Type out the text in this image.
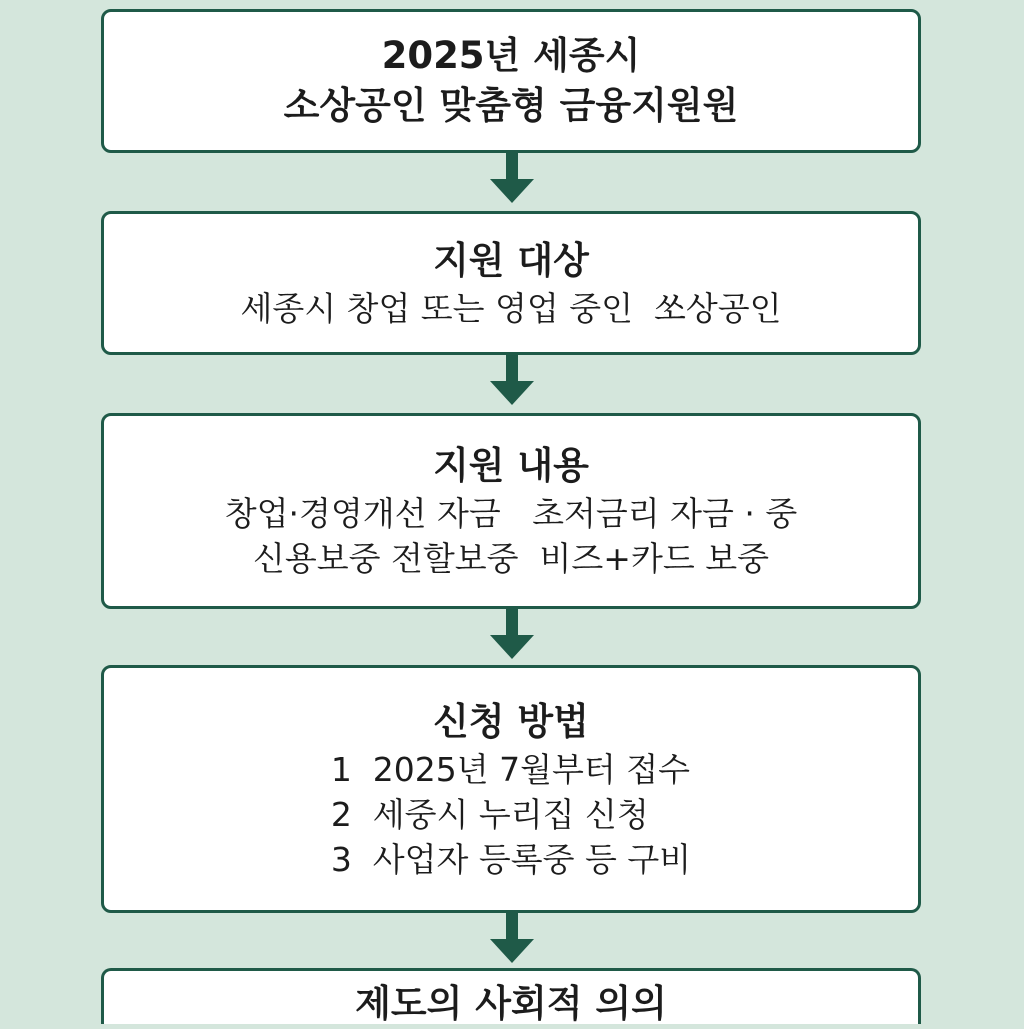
2025년 세종시
소상공인 맞춤형 금융지원원
지원 대상
세종시 창업 또는 영업 중인  쏘상공인
지원 내용
창업·경영개선 자금   초저금리 자금 · 중
신용보중 전할보중  비즈+카드 보중
신청 방법
1  2025년 7월부터 접수
2  세중시 누리집 신청
3  사업자 등록중 등 구비
제도의 사회적 의의
